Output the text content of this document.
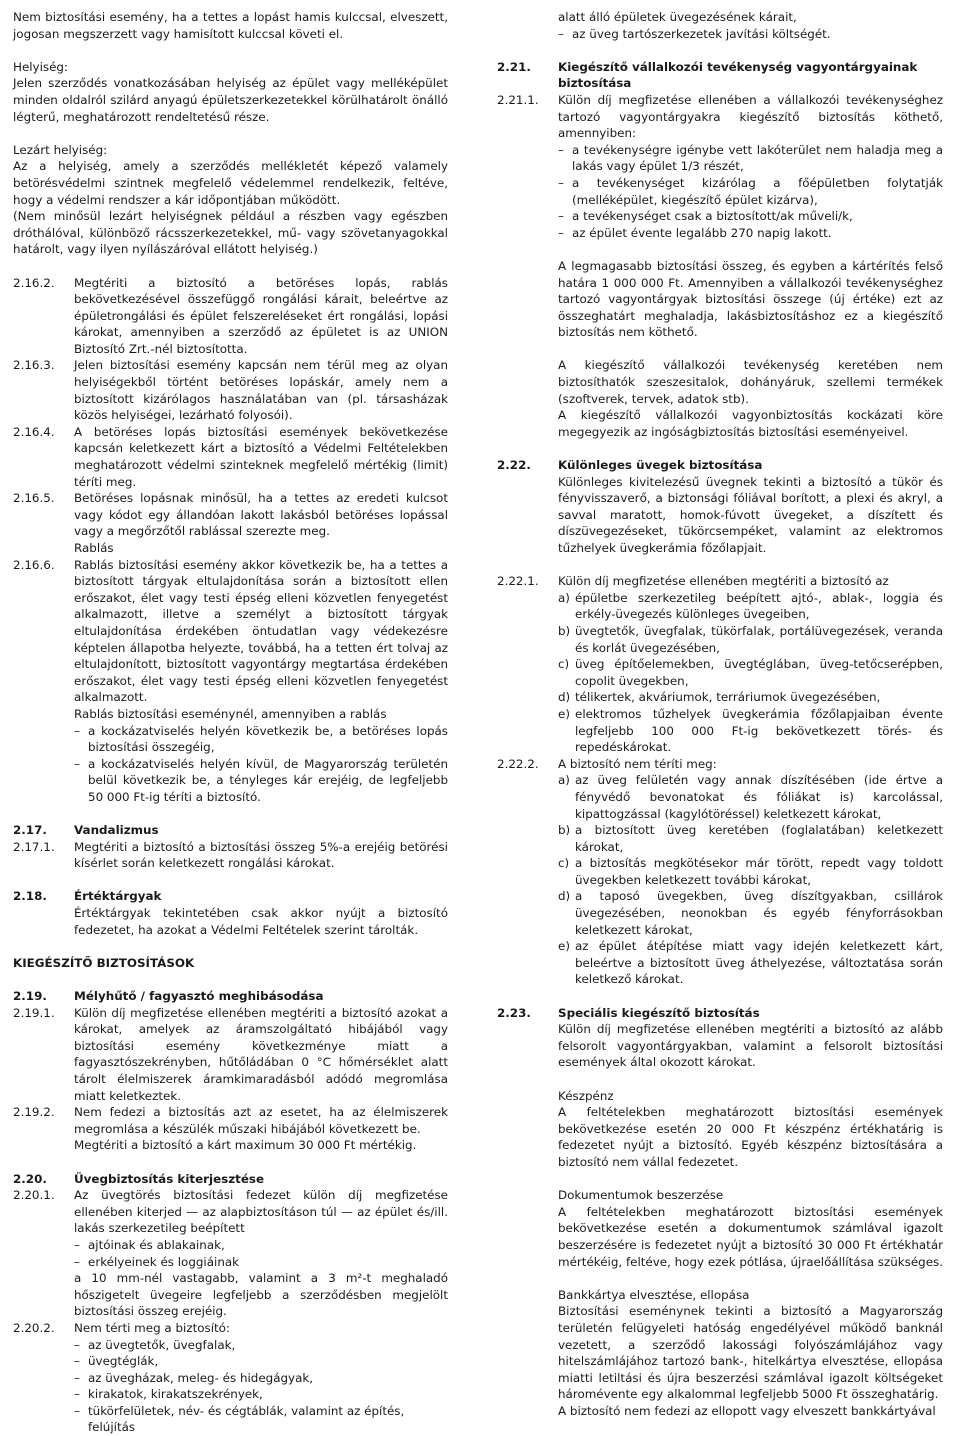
Nem biztosítási esemény, ha a tettes a lopást hamis kulccsal, elveszett, jogosan megszerzett vagy hamisított kulccsal követi el.

Helyiség:
Jelen szerződés vonatkozásában helyiség az épület vagy melléképület minden oldalról szilárd anyagú épületszerkezetekkel körülhatárolt önálló légterű, meghatározott rendeltetésű része.
Lezárt helyiség:
Az a helyiség, amely a szerződés mellékletét képező valamely betörésvédelmi szintnek megfelelő védelemmel rendelkezik, feltéve, hogy a védelmi rendszer a kár időpontjában működött.
(Nem minősül lezárt helyiségnek például a részben vagy egészben dróthálóval, különböző rácsszerkezetekkel, mű- vagy szövetanyagokkal határolt, vagy ilyen nyílászáróval ellátott helyiség.)
2.16.2. Megtériti a biztosító a betöréses lopás, rablás bekövetkezésével összefüggő rongálási kárait, beleértve az épületrongálási és épület felszereléseket ért rongálási, lopási károkat, amennyiben a szerződő az épületet is az UNION Biztosító Zrt.-nél biztosította.

2.16.3. Jelen biztosítási esemény kapcsán nem térül meg az olyan helyiségekből történt betöréses lopáskár, amely nem a biztosított kizárólagos használatában van (pl. társasházak közös helyiségei, lezárható folyosói).

2.16.4. A betöréses lopás biztosítási események bekövetkezése kapcsán keletkezett kárt a biztosító a Védelmi Feltételekben meghatározott védelmi szinteknek megfelelő mértékig (limit) téríti meg.

2.16.5. Betöréses lopásnak minősül, ha a tettes az eredeti kulcsot vagy kódot egy állandóan lakott lakásból betöréses lopással vagy a megőrzőtől rablással szerezte meg.

Rablás

2.16.6. Rablás biztosítási esemény akkor következik be, ha a tettes a biztosított tárgyak eltulajdonítása során a biztosított ellen erőszakot, élet vagy testi épség elleni közvetlen fenyegetést alkalmazott, illetve a személyt a biztosított tárgyak eltulajdonítása érdekében öntudatlan vagy védekezésre képtelen állapotba helyezte, továbbá, ha a tetten ért tolvaj az eltulajdonított, biztosított vagyontárgy megtartása érdekében erőszakot, élet vagy testi épség elleni közvetlen fenyegetést alkalmazott.

Rablás biztosítási eseménynél, amennyiben a rablás

– a kockázatviselés helyén következik be, a betöréses lopás biztosítási összegéig,

– a kockázatviselés helyén kívül, de Magyarország területén belül következik be, a tényleges kár erejéig, de legfeljebb 50 000 Ft-ig téríti a biztosító.

2.17. Vandalizmus

2.17.1. Megtériti a biztosító a biztosítási összeg 5%-a erejéig betörési kísérlet során keletkezett rongálási károkat.

2.18. Értéktárgyak

Értéktárgyak tekintetében csak akkor nyújt a biztosító fedezetet, ha azokat a Védelmi Feltételek szerint tárolták.

KIEGÉSZÍTŐ BIZTOSÍTÁSOK

2.19. Mélyhűtő / fagyasztó meghibásodása

2.19.1. Külön díj megfizetése ellenében megtériti a biztosító azokat a károkat, amelyek az áramszolgáltató hibájából vagy biztosítási esemény következménye miatt a fagyasztószekrényben, hűtőládában 0 °C hőmérséklet alatt tárolt élelmiszerek áramkimaradásból adódó megromlása miatt keletkeztek.

2.19.2. Nem fedezi a biztosítás azt az esetet, ha az élelmiszerek megromlása a készülék műszaki hibájából következett be.

Megtériti a biztosító a kárt maximum 30 000 Ft mértékig.

2.20. Üvegbiztosítás kiterjesztése

2.20.1. Az üvegtörés biztosítási fedezet külön díj megfizetése ellenében kiterjed — az alapbiztosításon túl — az épület és/ill. lakás szerkezetileg beépített

– ajtóinak és ablakainak,

– erkélyeinek és loggiáinak

a 10 mm-nél vastagabb, valamint a 3 m²-t meghaladó hőszigetelt üvegeire legfeljebb a szerződésben megjelölt biztosítási összeg erejéig.

2.20.2. Nem térti meg a biztosító:

– az üvegtetők, üvegfalak,

– üvegtéglák,

– az üvegházak, meleg- és hidegágyak,

– kirakatok, kirakatszekrények,

– tükörfelületek, név- és cégtáblák, valamint az építés, felújítás

alatt álló épületek üvegezésének kárait,

– az üveg tartószerkezetek javítási költségét.

2.21. Kiegészítő vállalkozói tevékenység vagyontárgyainak biztosítása

2.21.1. Külön díj megfizetése ellenében a vállalkozói tevékenységhez tartozó vagyontárgyakra kiegészítő biztosítás köthető, amennyiben:

– a tevékenységre igénybe vett lakóterület nem haladja meg a lakás vagy épület 1/3 részét,

– a tevékenységet kizárólag a főépületben folytatják (melléképület, kiegészítő épület kizárva),

– a tevékenységet csak a biztosított/ak műveli/k,

– az épület évente legalább 270 napig lakott.

A legmagasabb biztosítási összeg, és egyben a kártérítés felső határa 1 000 000 Ft. Amennyiben a vállalkozói tevékenységhez tartozó vagyontárgyak biztosítási összege (új értéke) ezt az összeghatárt meghaladja, lakásbiztosításhoz ez a kiegészítő biztosítás nem köthető.

A kiegészítő vállalkozói tevékenység keretében nem biztosíthatók szeszesitalok, dohányáruk, szellemi termékek (szoftverek, tervek, adatok stb).

A kiegészítő vállalkozói vagyonbiztosítás kockázati köre megegyezik az ingóságbiztosítás biztosítási eseményeivel.

2.22. Különleges üvegek biztosítása

Különleges kivitelezésű üvegnek tekinti a biztosító a tükör és fényvisszaverő, a biztonsági fóliával borított, a plexi és akryl, a savval maratott, homok-fúvott üvegeket, a díszített és díszüvegezéseket, tükörcsempéket, valamint az elektromos tűzhelyek üvegkerámia főzőlapjait.

2.22.1. Külön díj megfizetése ellenében megtériti a biztosító az

a) épületbe szerkezetileg beépített ajtó-, ablak-, loggia és erkély-üvegezés különleges üvegeiben,
b) üvegtetők, üvegfalak, tükörfalak, portálüvegezések, veranda és korlát üvegezésében,
c) üveg építőelemekben, üvegtéglában, üveg-tetőcserépben, copolit üvegekben,
d) télikertek, akváriumok, terráriumok üvegezésében,
e) elektromos tűzhelyek üvegkerámia főzőlapjaiban évente legfeljebb 100 000 Ft-ig bekövetkezett törés- és repedéskárokat.
2.22.2. A biztosító nem téríti meg:

a) az üveg felületén vagy annak díszítésében (ide értve a fényvédő bevonatokat és fóliákat is) karcolással, kipattogzással (kagylótöréssel) keletkezett károkat,
b) a biztosított üveg keretében (foglalatában) keletkezett károkat,
c) a biztosítás megkötésekor már törött, repedt vagy toldott üvegekben keletkezett további károkat,
d) a taposó üvegekben, üveg díszítgyakban, csillárok üvegezésében, neonokban és egyéb fényforrásokban keletkezett károkat,
e) az épület átépítése miatt vagy idején keletkezett kárt, beleértve a biztosított üveg áthelyezése, változtatása során keletkező károkat.
2.23. Speciális kiegészítő biztosítás

Külön díj megfizetése ellenében megtériti a biztosító az alább felsorolt vagyontárgyakban, valamint a felsorolt biztosítási események által okozott károkat.

Készpénz

A feltételekben meghatározott biztosítási események bekövetkezése esetén 20 000 Ft készpénz értékhatárig is fedezetet nyújt a biztosító. Egyéb készpénz biztosítására a biztosító nem vállal fedezetet.

Dokumentumok beszerzése

A feltételekben meghatározott biztosítási események bekövetkezése esetén a dokumentumok számlával igazolt beszerzésére is fedezetet nyújt a biztosító 30 000 Ft értékhatár mértékéig, feltéve, hogy ezek pótlása, újraelőállítása szükséges.

Bankkártya elvesztése, ellopása

Biztosítási eseménynek tekinti a biztosító a Magyarország területén felügyeleti hatóság engedélyével működő banknál vezetett, a szerződő lakossági folyószámlájához vagy hitelszámlájához tartozó bank-, hitelkártya elvesztése, ellopása miatti letiltási és újra beszerzési számlával igazolt költségeket háromévente egy alkalommal legfeljebb 5000 Ft összeghatárig.

A biztosító nem fedezi az ellopott vagy elveszett bankkártyával
